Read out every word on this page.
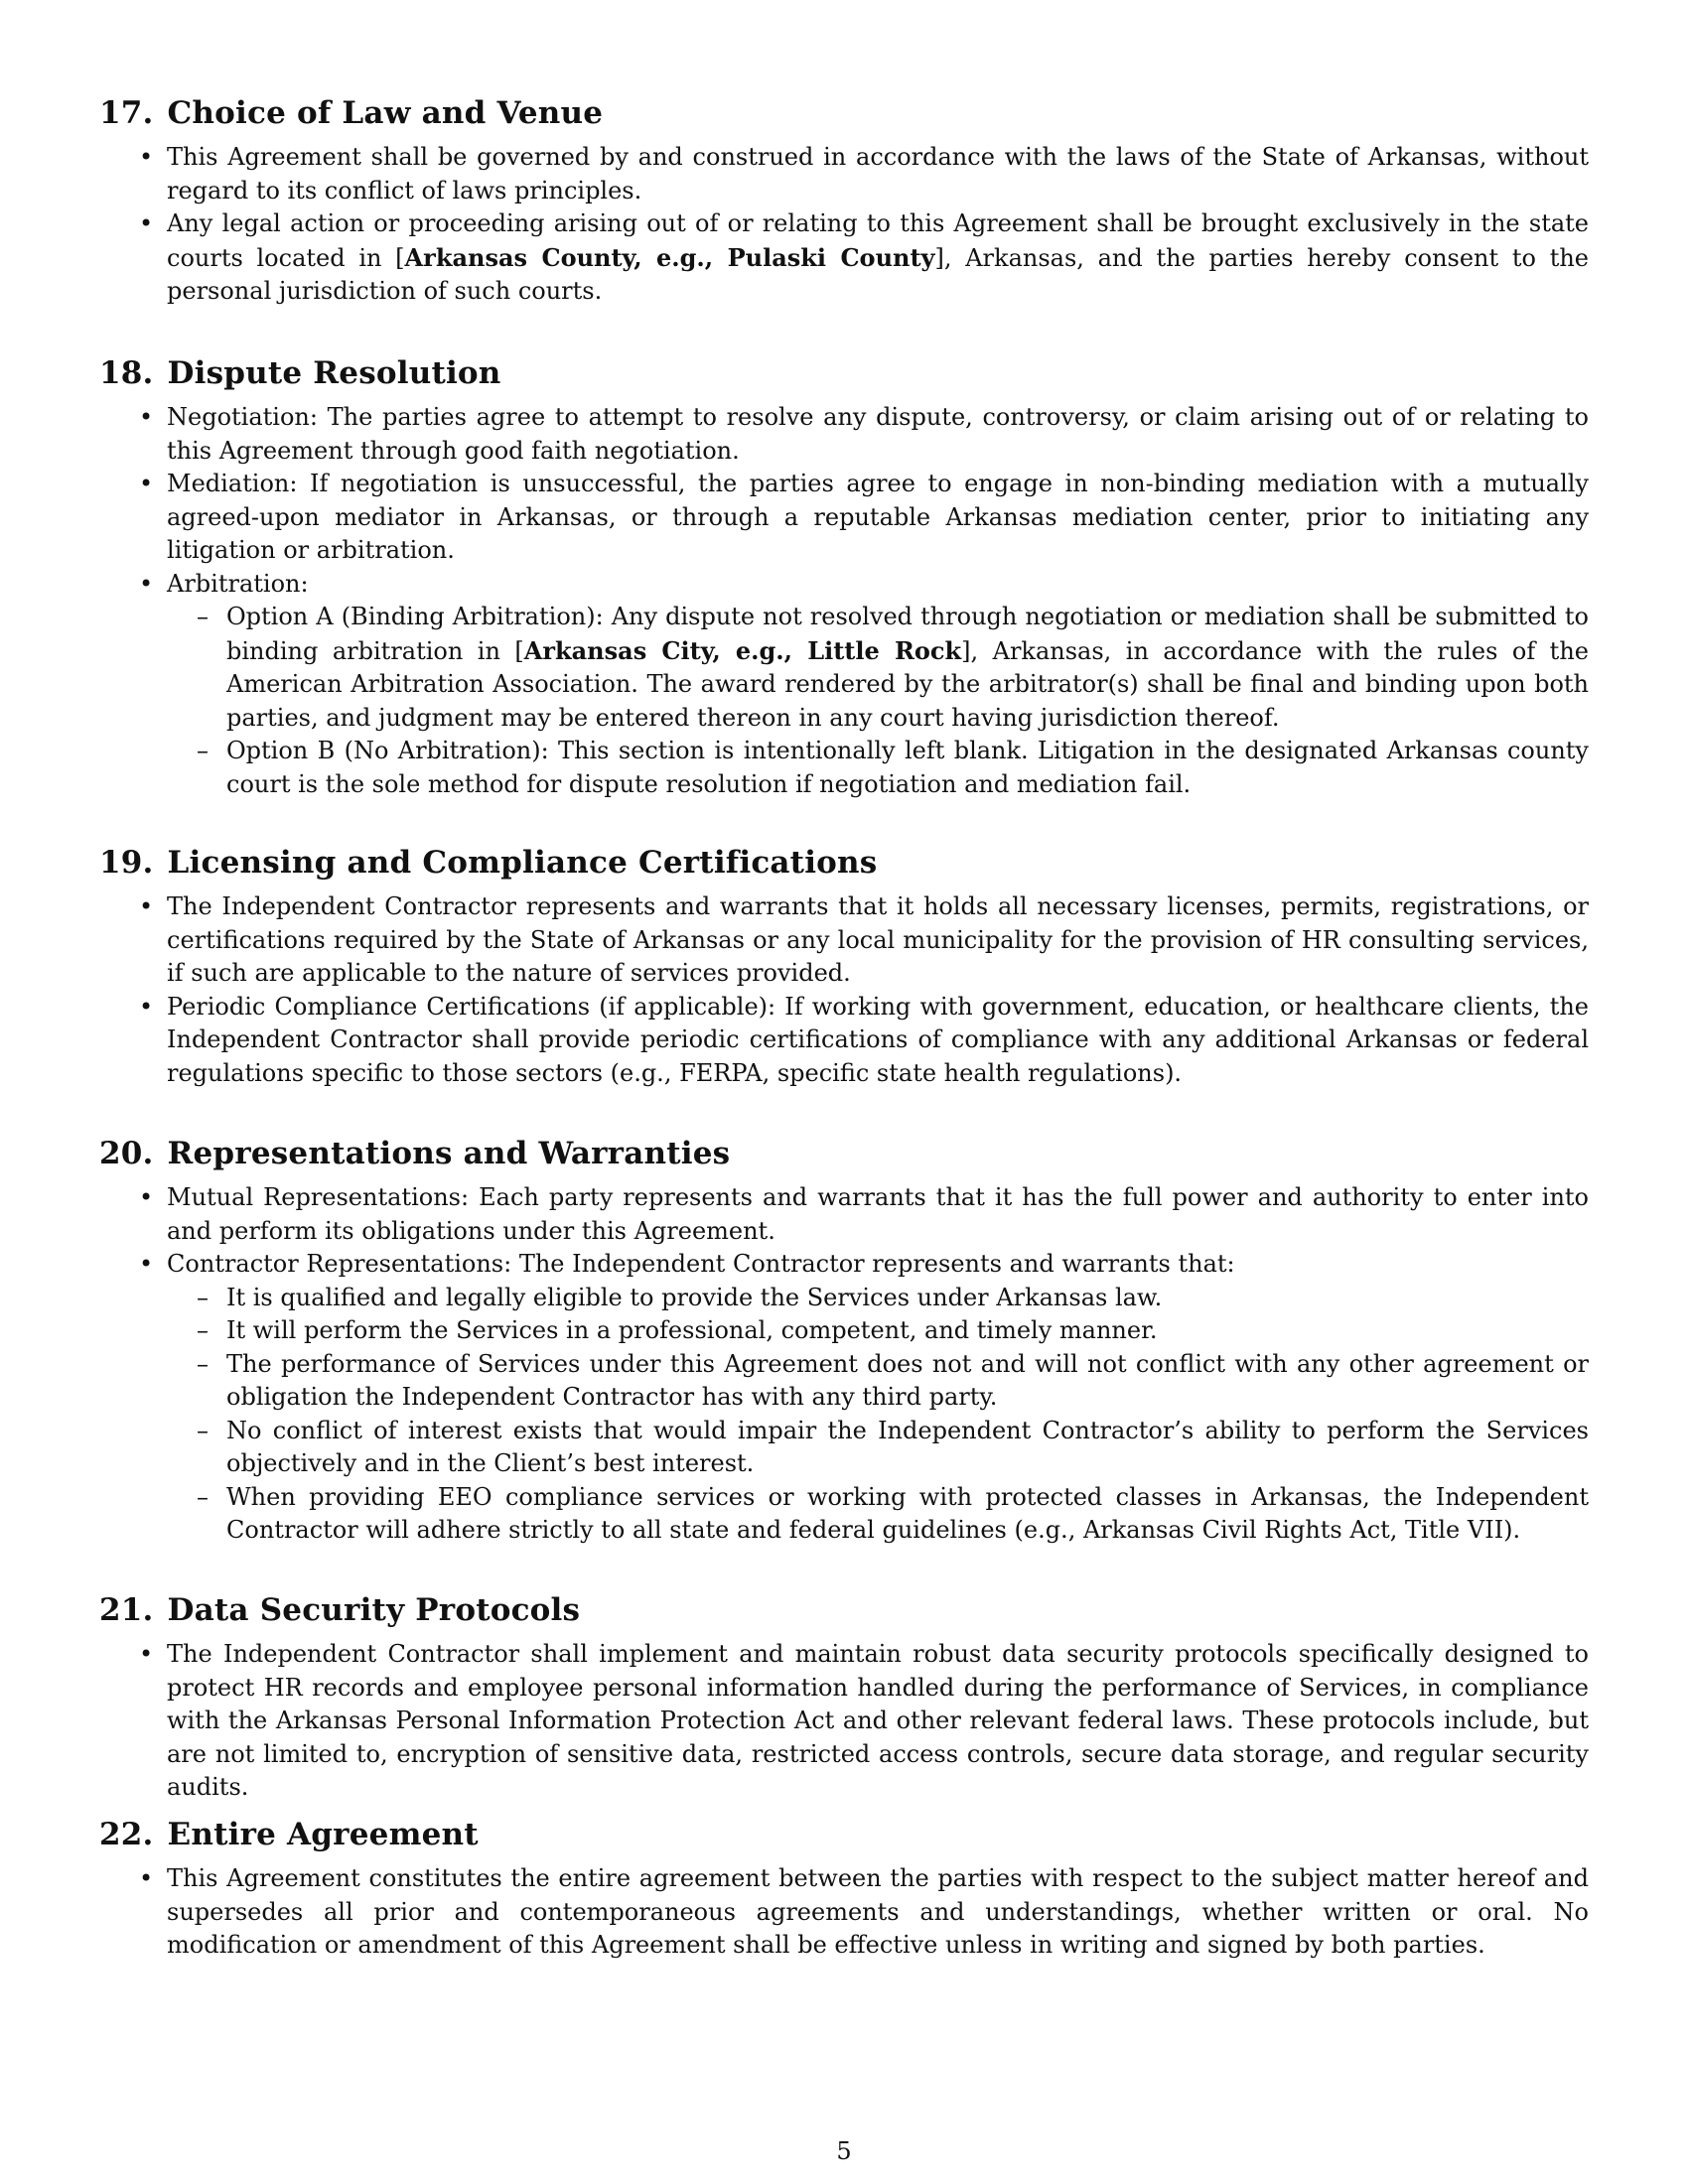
17. Choice of Law and Venue
• This Agreement shall be governed by and construed in accordance with the laws of the State of Arkansas, without regard to its conflict of laws principles.
• Any legal action or proceeding arising out of or relating to this Agreement shall be brought exclusively in the state courts located in [Arkansas County, e.g., Pulaski County], Arkansas, and the parties hereby consent to the personal jurisdiction of such courts.
18. Dispute Resolution
• Negotiation: The parties agree to attempt to resolve any dispute, controversy, or claim arising out of or relating to this Agreement through good faith negotiation.
• Mediation: If negotiation is unsuccessful, the parties agree to engage in non-binding mediation with a mutually agreed-upon mediator in Arkansas, or through a reputable Arkansas mediation center, prior to initiating any litigation or arbitration.
• Arbitration:
– Option A (Binding Arbitration): Any dispute not resolved through negotiation or mediation shall be submitted to binding arbitration in [Arkansas City, e.g., Little Rock], Arkansas, in accordance with the rules of the American Arbitration Association. The award rendered by the arbitrator(s) shall be final and binding upon both parties, and judgment may be entered thereon in any court having jurisdiction thereof.
– Option B (No Arbitration): This section is intentionally left blank. Litigation in the designated Arkansas county court is the sole method for dispute resolution if negotiation and mediation fail.
19. Licensing and Compliance Certifications
• The Independent Contractor represents and warrants that it holds all necessary licenses, permits, registrations, or certifications required by the State of Arkansas or any local municipality for the provision of HR consulting services, if such are applicable to the nature of services provided.
• Periodic Compliance Certifications (if applicable): If working with government, education, or healthcare clients, the Independent Contractor shall provide periodic certifications of compliance with any additional Arkansas or federal regulations specific to those sectors (e.g., FERPA, specific state health regulations).
20. Representations and Warranties
• Mutual Representations: Each party represents and warrants that it has the full power and authority to enter into and perform its obligations under this Agreement.
• Contractor Representations: The Independent Contractor represents and warrants that:
– It is qualified and legally eligible to provide the Services under Arkansas law.
– It will perform the Services in a professional, competent, and timely manner.
– The performance of Services under this Agreement does not and will not conflict with any other agreement or obligation the Independent Contractor has with any third party.
– No conflict of interest exists that would impair the Independent Contractor’s ability to perform the Services objectively and in the Client’s best interest.
– When providing EEO compliance services or working with protected classes in Arkansas, the Independent Contractor will adhere strictly to all state and federal guidelines (e.g., Arkansas Civil Rights Act, Title VII).
21. Data Security Protocols
• The Independent Contractor shall implement and maintain robust data security protocols specifically designed to protect HR records and employee personal information handled during the performance of Services, in compliance with the Arkansas Personal Information Protection Act and other relevant federal laws. These protocols include, but are not limited to, encryption of sensitive data, restricted access controls, secure data storage, and regular security audits.
22. Entire Agreement
• This Agreement constitutes the entire agreement between the parties with respect to the subject matter hereof and supersedes all prior and contemporaneous agreements and understandings, whether written or oral. No modification or amendment of this Agreement shall be effective unless in writing and signed by both parties.
5
